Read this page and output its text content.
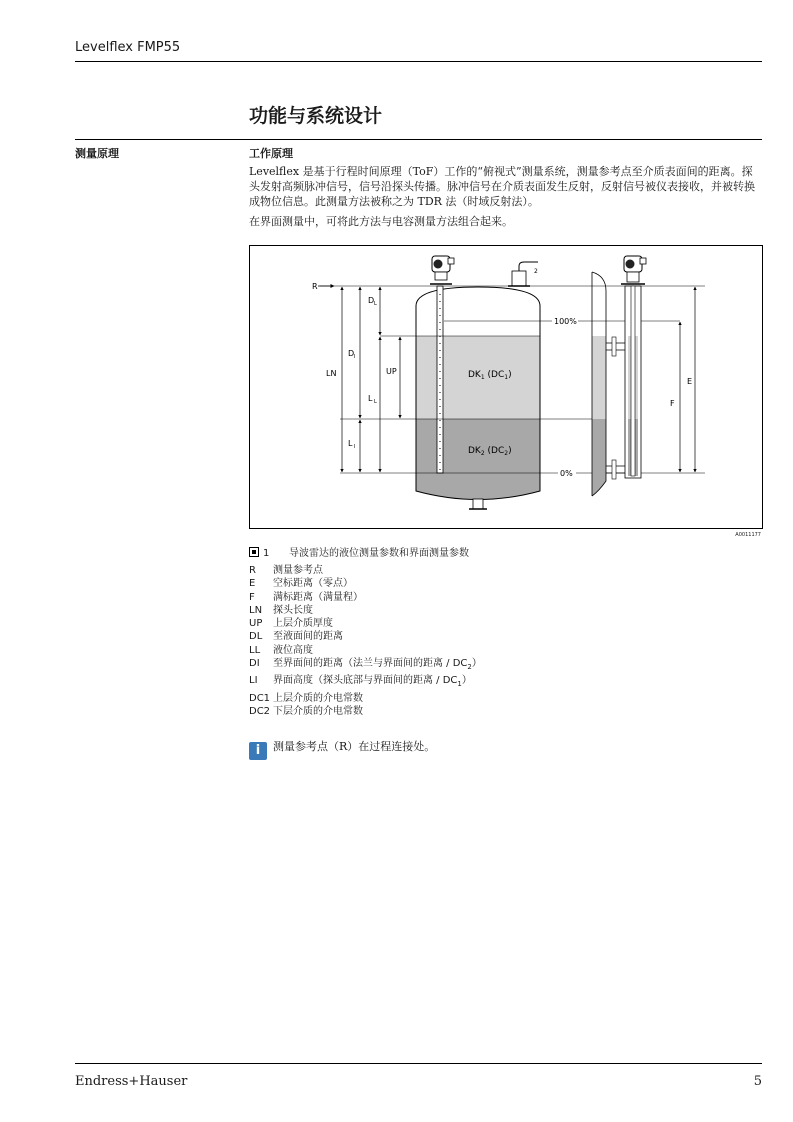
Levelflex FMP55
功能与系统设计
测量原理	工作原理
Levelflex 是基于行程时间原理（ToF）工作的“俯视式”测量系统，测量参考点至介质表面间的距离。探头发射高频脉冲信号，信号沿探头传播。脉冲信号在介质表面发生反射，反射信号被仪表接收，并被转换成物位信息。此测量方法被称之为 TDR 法（时域反射法）。
在界面测量中，可将此方法与电容测量方法组合起来。
2
R
LN
D I
D L
L L
L I
UP	$DK_1$ $(DC_1)$
$DK_2$ $(DC_2)$
100%
0%
E
F
A0011177
1 导波雷达的液位测量参数和界面测量参数
R 测量参考点
E 空标距离（零点）
F 满标距离（满量程）
LN 探头长度
UP 上层介质厚度
DL 至液面间的距离
LL 液位高度
DI 至界面间的距离（法兰与界面间的距离 / $DC_2$）
LI 界面高度（探头底部与界面间的距离 / $DC_1$）
DC1 上层介质的介电常数
DC2 下层介质的介电常数
i 测量参考点（R）在过程连接处。
Endress+Hauser	5
